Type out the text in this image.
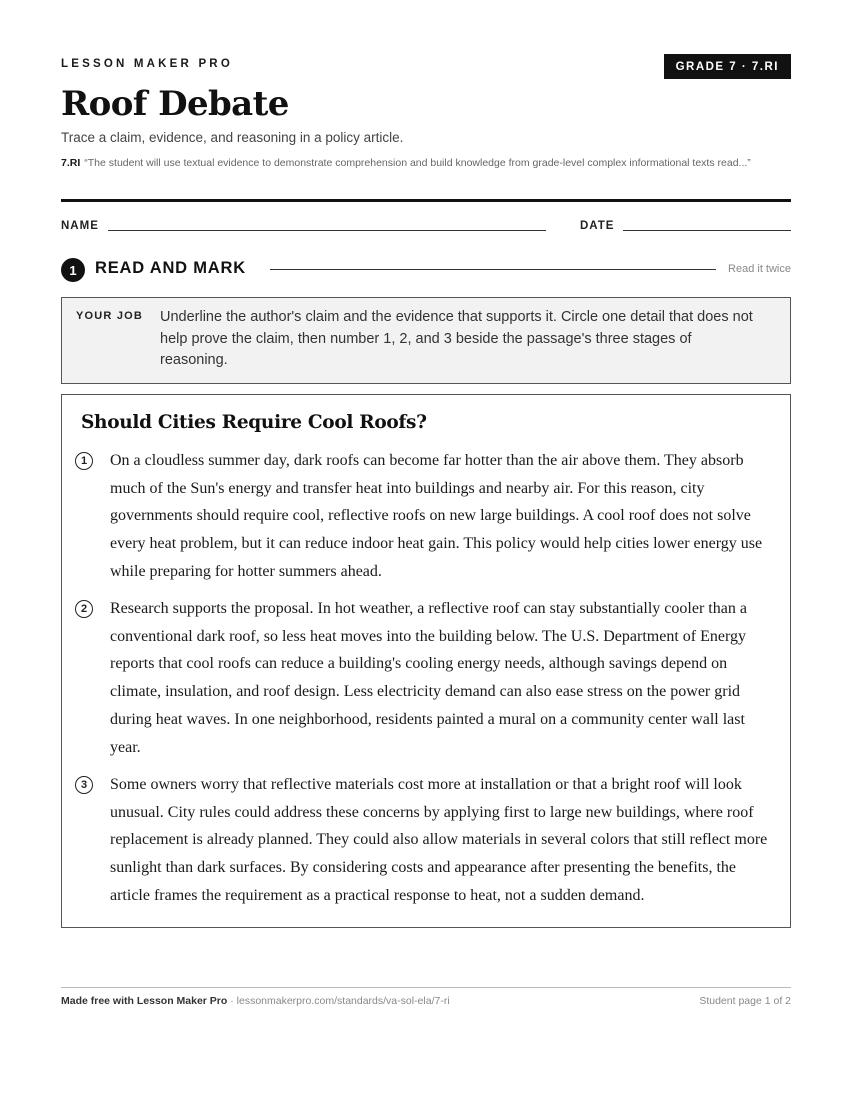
LESSON MAKER PRO	GRADE 7 · 7.RI
Roof Debate
Trace a claim, evidence, and reasoning in a policy article.
7.RI “The student will use textual evidence to demonstrate comprehension and build knowledge from grade-level complex informational texts read...”
NAME	DATE
1	READ AND MARK	Read it twice
YOUR JOB Underline the author's claim and the evidence that supports it. Circle one detail that does not help prove the claim, then number 1, 2, and 3 beside the passage's three stages of reasoning.
Should Cities Require Cool Roofs?
1	On a cloudless summer day, dark roofs can become far hotter than the air above them. They absorb much of the Sun's energy and transfer heat into buildings and nearby air. For this reason, city governments should require cool, reflective roofs on new large buildings. A cool roof does not solve every heat problem, but it can reduce indoor heat gain. This policy would help cities lower energy use while preparing for hotter summers ahead.

2	Research supports the proposal. In hot weather, a reflective roof can stay substantially cooler than a conventional dark roof, so less heat moves into the building below. The U.S. Department of Energy reports that cool roofs can reduce a building's cooling energy needs, although savings depend on climate, insulation, and roof design. Less electricity demand can also ease stress on the power grid during heat waves. In one neighborhood, residents painted a mural on a community center wall last year.

3	Some owners worry that reflective materials cost more at installation or that a bright roof will look unusual. City rules could address these concerns by applying first to large new buildings, where roof replacement is already planned. They could also allow materials in several colors that still reflect more sunlight than dark surfaces. By considering costs and appearance after presenting the benefits, the article frames the requirement as a practical response to heat, not a sudden demand.

Made free with Lesson Maker Pro · lessonmakerpro.com/standards/va-sol-ela/7-ri	Student page 1 of 2
